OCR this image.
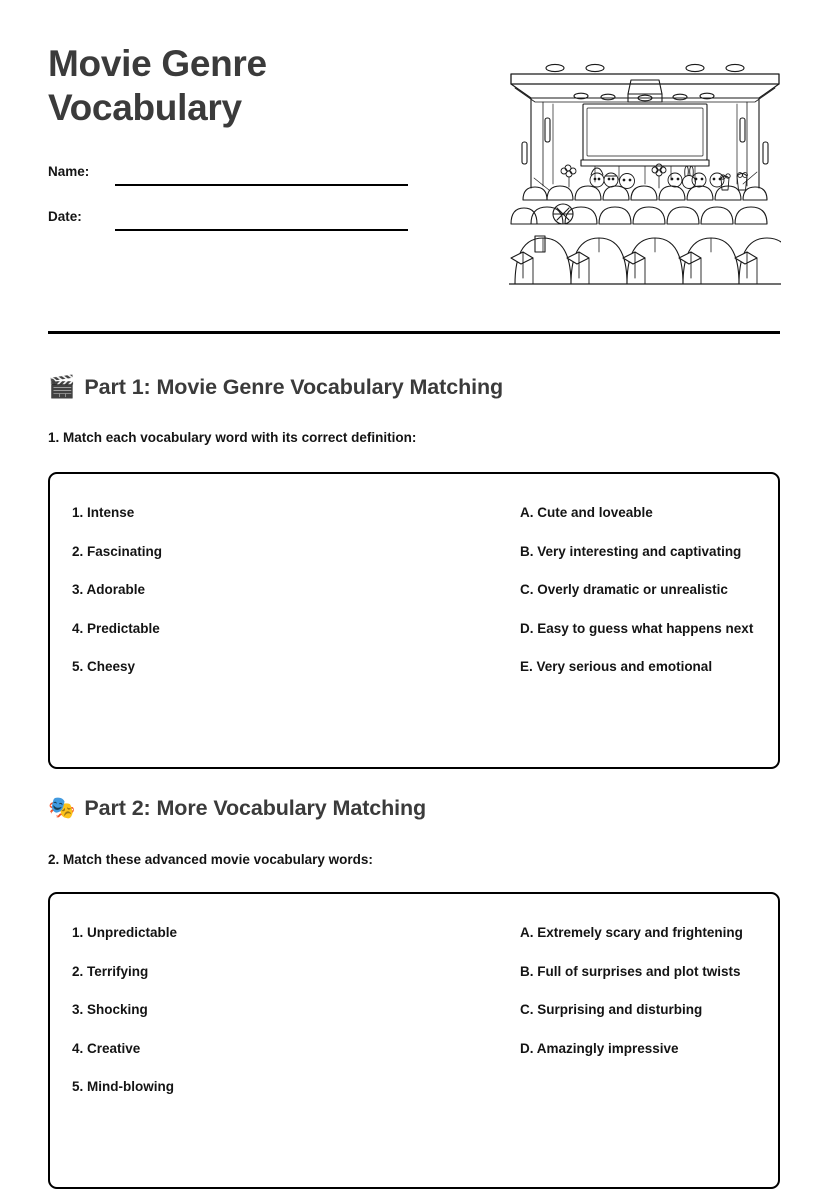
Movie Genre Vocabulary
Name:
Date:
🎬 Part 1: Movie Genre Vocabulary Matching
1. Match each vocabulary word with its correct definition:
1. Intense
2. Fascinating
3. Adorable
4. Predictable
5. Cheesy
A. Cute and loveable
B. Very interesting and captivating
C. Overly dramatic or unrealistic
D. Easy to guess what happens next
E. Very serious and emotional
🎭 Part 2: More Vocabulary Matching
2. Match these advanced movie vocabulary words:
1. Unpredictable
2. Terrifying
3. Shocking
4. Creative
5. Mind-blowing
A. Extremely scary and frightening
B. Full of surprises and plot twists
C. Surprising and disturbing
D. Amazingly impressive
